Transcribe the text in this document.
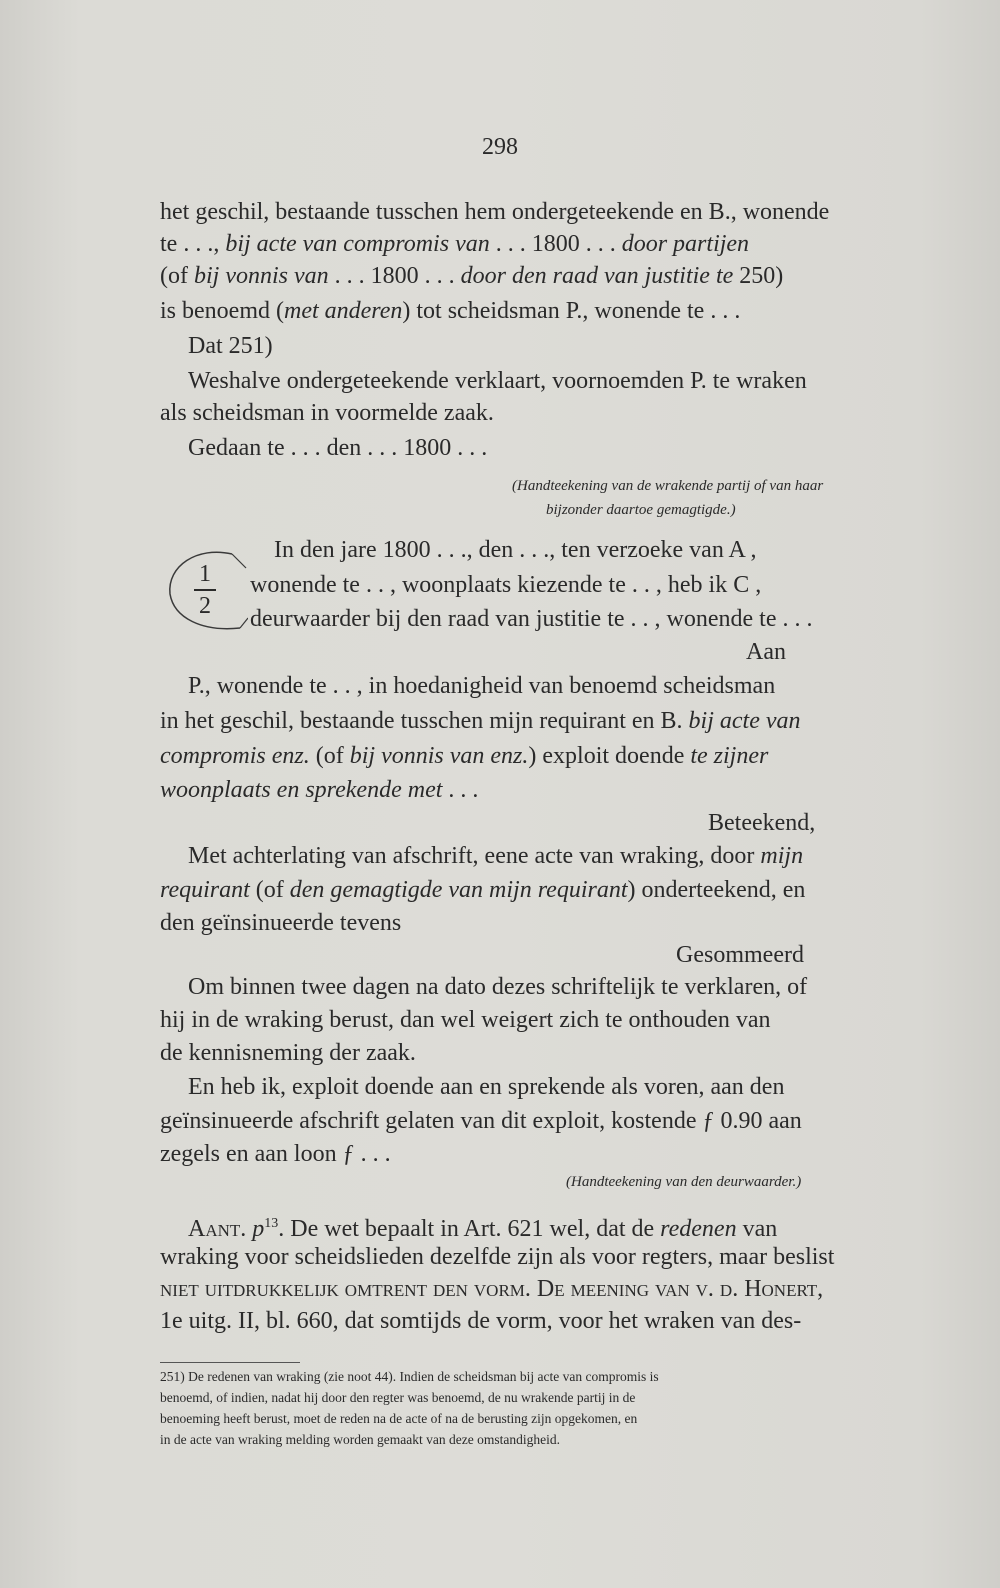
298
het geschil, bestaande tusschen hem ondergeteekende en B., wonende
te . . ., bij acte van compromis van . . . 1800 . . . door partijen
(of bij vonnis van . . . 1800 . . . door den raad van justitie te 250)
is benoemd (met anderen) tot scheidsman P., wonende te . . .
Dat 251)
Weshalve ondergeteekende verklaart, voornoemden P. te wraken
als scheidsman in voormelde zaak.
Gedaan te . . . den . . . 1800 . . .
(Handteekening van de wrakende partij of van haar
bijzonder daartoe gemagtigde.)
1
2
In den jare 1800 . . ., den . . ., ten verzoeke van A ,
wonende te . . , woonplaats kiezende te . . , heb ik C ,
deurwaarder bij den raad van justitie te . . , wonende te . . .
Aan
P., wonende te . . , in hoedanigheid van benoemd scheidsman
in het geschil, bestaande tusschen mijn requirant en B. bij acte van
compromis enz. (of bij vonnis van enz.) exploit doende te zijner
woonplaats en sprekende met . . .
Beteekend,
Met achterlating van afschrift, eene acte van wraking, door mijn
requirant (of den gemagtigde van mijn requirant) onderteekend, en
den geïnsinueerde tevens
Gesommeerd
Om binnen twee dagen na dato dezes schriftelijk te verklaren, of
hij in de wraking berust, dan wel weigert zich te onthouden van
de kennisneming der zaak.
En heb ik, exploit doende aan en sprekende als voren, aan den
geïnsinueerde afschrift gelaten van dit exploit, kostende ƒ 0.90 aan
zegels en aan loon ƒ . . .
(Handteekening van den deurwaarder.)
Aant. $p^{13}$. De wet bepaalt in Art. 621 wel, dat de redenen van
wraking voor scheidslieden dezelfde zijn als voor regters, maar beslist
niet uitdrukkelijk omtrent den vorm. De meening van v. d. Honert,
1e uitg. II, bl. 660, dat somtijds de vorm, voor het wraken van des-
251) De redenen van wraking (zie noot 44). Indien de scheidsman bij acte van compromis is
benoemd, of indien, nadat hij door den regter was benoemd, de nu wrakende partij in de
benoeming heeft berust, moet de reden na de acte of na de berusting zijn opgekomen, en
in de acte van wraking melding worden gemaakt van deze omstandigheid.
